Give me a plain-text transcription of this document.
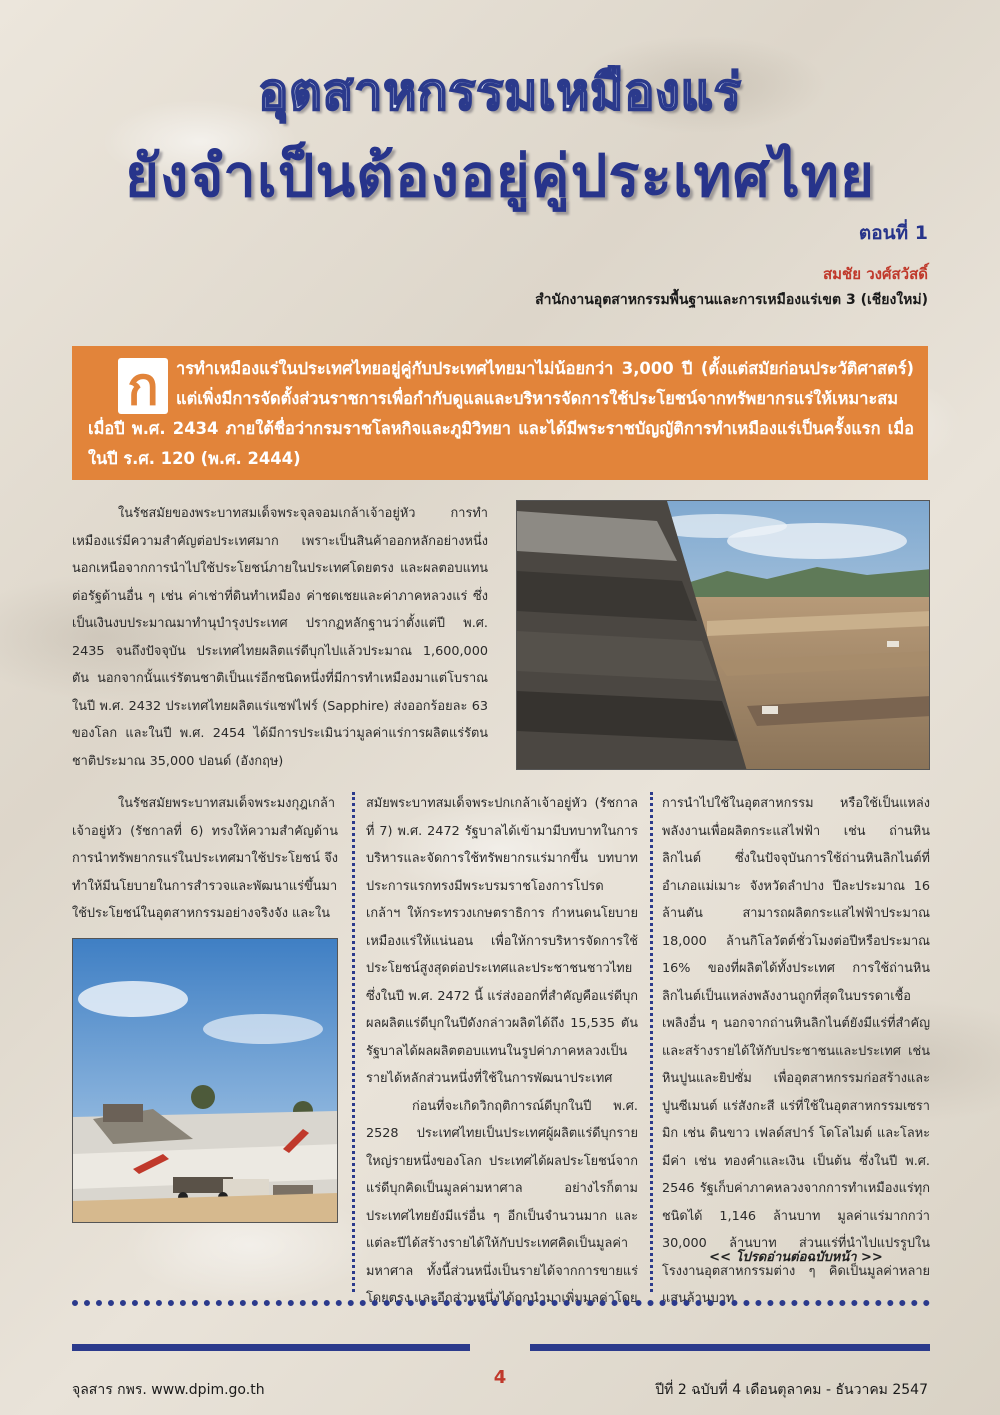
อุตสาหกรรมเหมืองแร่
ยังจำเป็นต้องอยู่คู่ประเทศไทย
ตอนที่ 1
สมชัย วงศ์สวัสดิ์
สำนักงานอุตสาหกรรมพื้นฐานและการเหมืองแร่เขต 3 (เชียงใหม่)
ก	ารทำเหมืองแร่ในประเทศไทยอยู่คู่กับประเทศไทยมาไม่น้อยกว่า 3,000 ปี (ตั้งแต่สมัยก่อนประวัติศาสตร์) แต่เพิ่งมีการจัดตั้งส่วนราชการเพื่อกำกับดูแลและบริหารจัดการใช้ประโยชน์จากทรัพยากรแร่ให้เหมาะสม เมื่อปี พ.ศ. 2434 ภายใต้ชื่อว่ากรมราชโลหกิจและภูมิวิทยา และได้มีพระราชบัญญัติการทำเหมืองแร่เป็นครั้งแรก เมื่อในปี ร.ศ. 120 (พ.ศ. 2444)

ในรัชสมัยของพระบาทสมเด็จพระจุลจอมเกล้าเจ้าอยู่หัว การทำเหมืองแร่มีความสำคัญต่อประเทศมาก เพราะเป็นสินค้าออกหลักอย่างหนึ่ง นอกเหนือจากการนำไปใช้ประโยชน์ภายในประเทศโดยตรง และผลตอบแทนต่อรัฐด้านอื่น ๆ เช่น ค่าเช่าที่ดินทำเหมือง ค่าชดเชยและค่าภาคหลวงแร่ ซึ่งเป็นเงินงบประมาณมาทำนุบำรุงประเทศ ปรากฏหลักฐานว่าตั้งแต่ปี พ.ศ. 2435 จนถึงปัจจุบัน ประเทศไทยผลิตแร่ดีบุกไปแล้วประมาณ 1,600,000 ตัน นอกจากนั้นแร่รัตนชาติเป็นแร่อีกชนิดหนึ่งที่มีการทำเหมืองมาแต่โบราณ ในปี พ.ศ. 2432 ประเทศไทยผลิตแร่แซฟไฟร์ (Sapphire) ส่งออกร้อยละ 63 ของโลก และในปี พ.ศ. 2454 ได้มีการประเมินว่ามูลค่าแร่การผลิตแร่รัตนชาติประมาณ 35,000 ปอนด์ (อังกฤษ)

ในรัชสมัยพระบาทสมเด็จพระมงกุฎเกล้าเจ้าอยู่หัว (รัชกาลที่ 6) ทรงให้ความสำคัญด้านการนำทรัพยากรแร่ในประเทศมาใช้ประโยชน์ จึงทำให้มีนโยบายในการสำรวจและพัฒนาแร่ขึ้นมาใช้ประโยชน์ในอุตสาหกรรมอย่างจริงจัง และใน

สมัยพระบาทสมเด็จพระปกเกล้าเจ้าอยู่หัว (รัชกาลที่ 7) พ.ศ. 2472 รัฐบาลได้เข้ามามีบทบาทในการบริหารและจัดการใช้ทรัพยากรแร่มากขึ้น บทบาทประการแรกทรงมีพระบรมราชโองการโปรดเกล้าฯ ให้กระทรวงเกษตราธิการ กำหนดนโยบายเหมืองแร่ให้แน่นอน เพื่อให้การบริหารจัดการใช้ประโยชน์สูงสุดต่อประเทศและประชาชนชาวไทย ซึ่งในปี พ.ศ. 2472 นี้ แร่ส่งออกที่สำคัญคือแร่ดีบุก ผลผลิตแร่ดีบุกในปีดังกล่าวผลิตได้ถึง 15,535 ตัน รัฐบาลได้ผลผลิตตอบแทนในรูปค่าภาคหลวงเป็นรายได้หลักส่วนหนึ่งที่ใช้ในการพัฒนาประเทศ

ก่อนที่จะเกิดวิกฤติการณ์ดีบุกในปี พ.ศ. 2528 ประเทศไทยเป็นประเทศผู้ผลิตแร่ดีบุกรายใหญ่รายหนึ่งของโลก ประเทศได้ผลประโยชน์จากแร่ดีบุกคิดเป็นมูลค่ามหาศาล อย่างไรก็ตามประเทศไทยยังมีแร่อื่น ๆ อีกเป็นจำนวนมาก และแต่ละปีได้สร้างรายได้ให้กับประเทศคิดเป็นมูลค่ามหาศาล ทั้งนี้ส่วนหนึ่งเป็นรายได้จากการขายแร่โดยตรง และอีกส่วนหนึ่งได้ถูกนำมาเพิ่มมูลค่าโดย

การนำไปใช้ในอุตสาหกรรม หรือใช้เป็นแหล่งพลังงานเพื่อผลิตกระแสไฟฟ้า เช่น ถ่านหินลิกไนต์ ซึ่งในปัจจุบันการใช้ถ่านหินลิกไนต์ที่อำเภอแม่เมาะ จังหวัดลำปาง ปีละประมาณ 16 ล้านตัน สามารถผลิตกระแสไฟฟ้าประมาณ 18,000 ล้านกิโลวัตต์ชั่วโมงต่อปีหรือประมาณ 16% ของที่ผลิตได้ทั้งประเทศ การใช้ถ่านหินลิกไนต์เป็นแหล่งพลังงานถูกที่สุดในบรรดาเชื้อเพลิงอื่น ๆ นอกจากถ่านหินลิกไนต์ยังมีแร่ที่สำคัญและสร้างรายได้ให้กับประชาชนและประเทศ เช่น หินปูนและยิปซั่ม เพื่ออุตสาหกรรมก่อสร้างและปูนซีเมนต์ แร่สังกะสี แร่ที่ใช้ในอุตสาหกรรมเซรามิก เช่น ดินขาว เฟลด์สปาร์ โดโลไมต์ และโลหะมีค่า เช่น ทองคำและเงิน เป็นต้น ซึ่งในปี พ.ศ. 2546 รัฐเก็บค่าภาคหลวงจากการทำเหมืองแร่ทุกชนิดได้ 1,146 ล้านบาท มูลค่าแร่มากกว่า 30,000 ล้านบาท ส่วนแร่ที่นำไปแปรรูปในโรงงานอุตสาหกรรมต่าง ๆ คิดเป็นมูลค่าหลายแสนล้านบาท

<< โปรดอ่านต่อฉบับหน้า >>
จุลสาร กพร. www.dpim.go.th
4
ปีที่ 2 ฉบับที่ 4 เดือนตุลาคม - ธันวาคม 2547
